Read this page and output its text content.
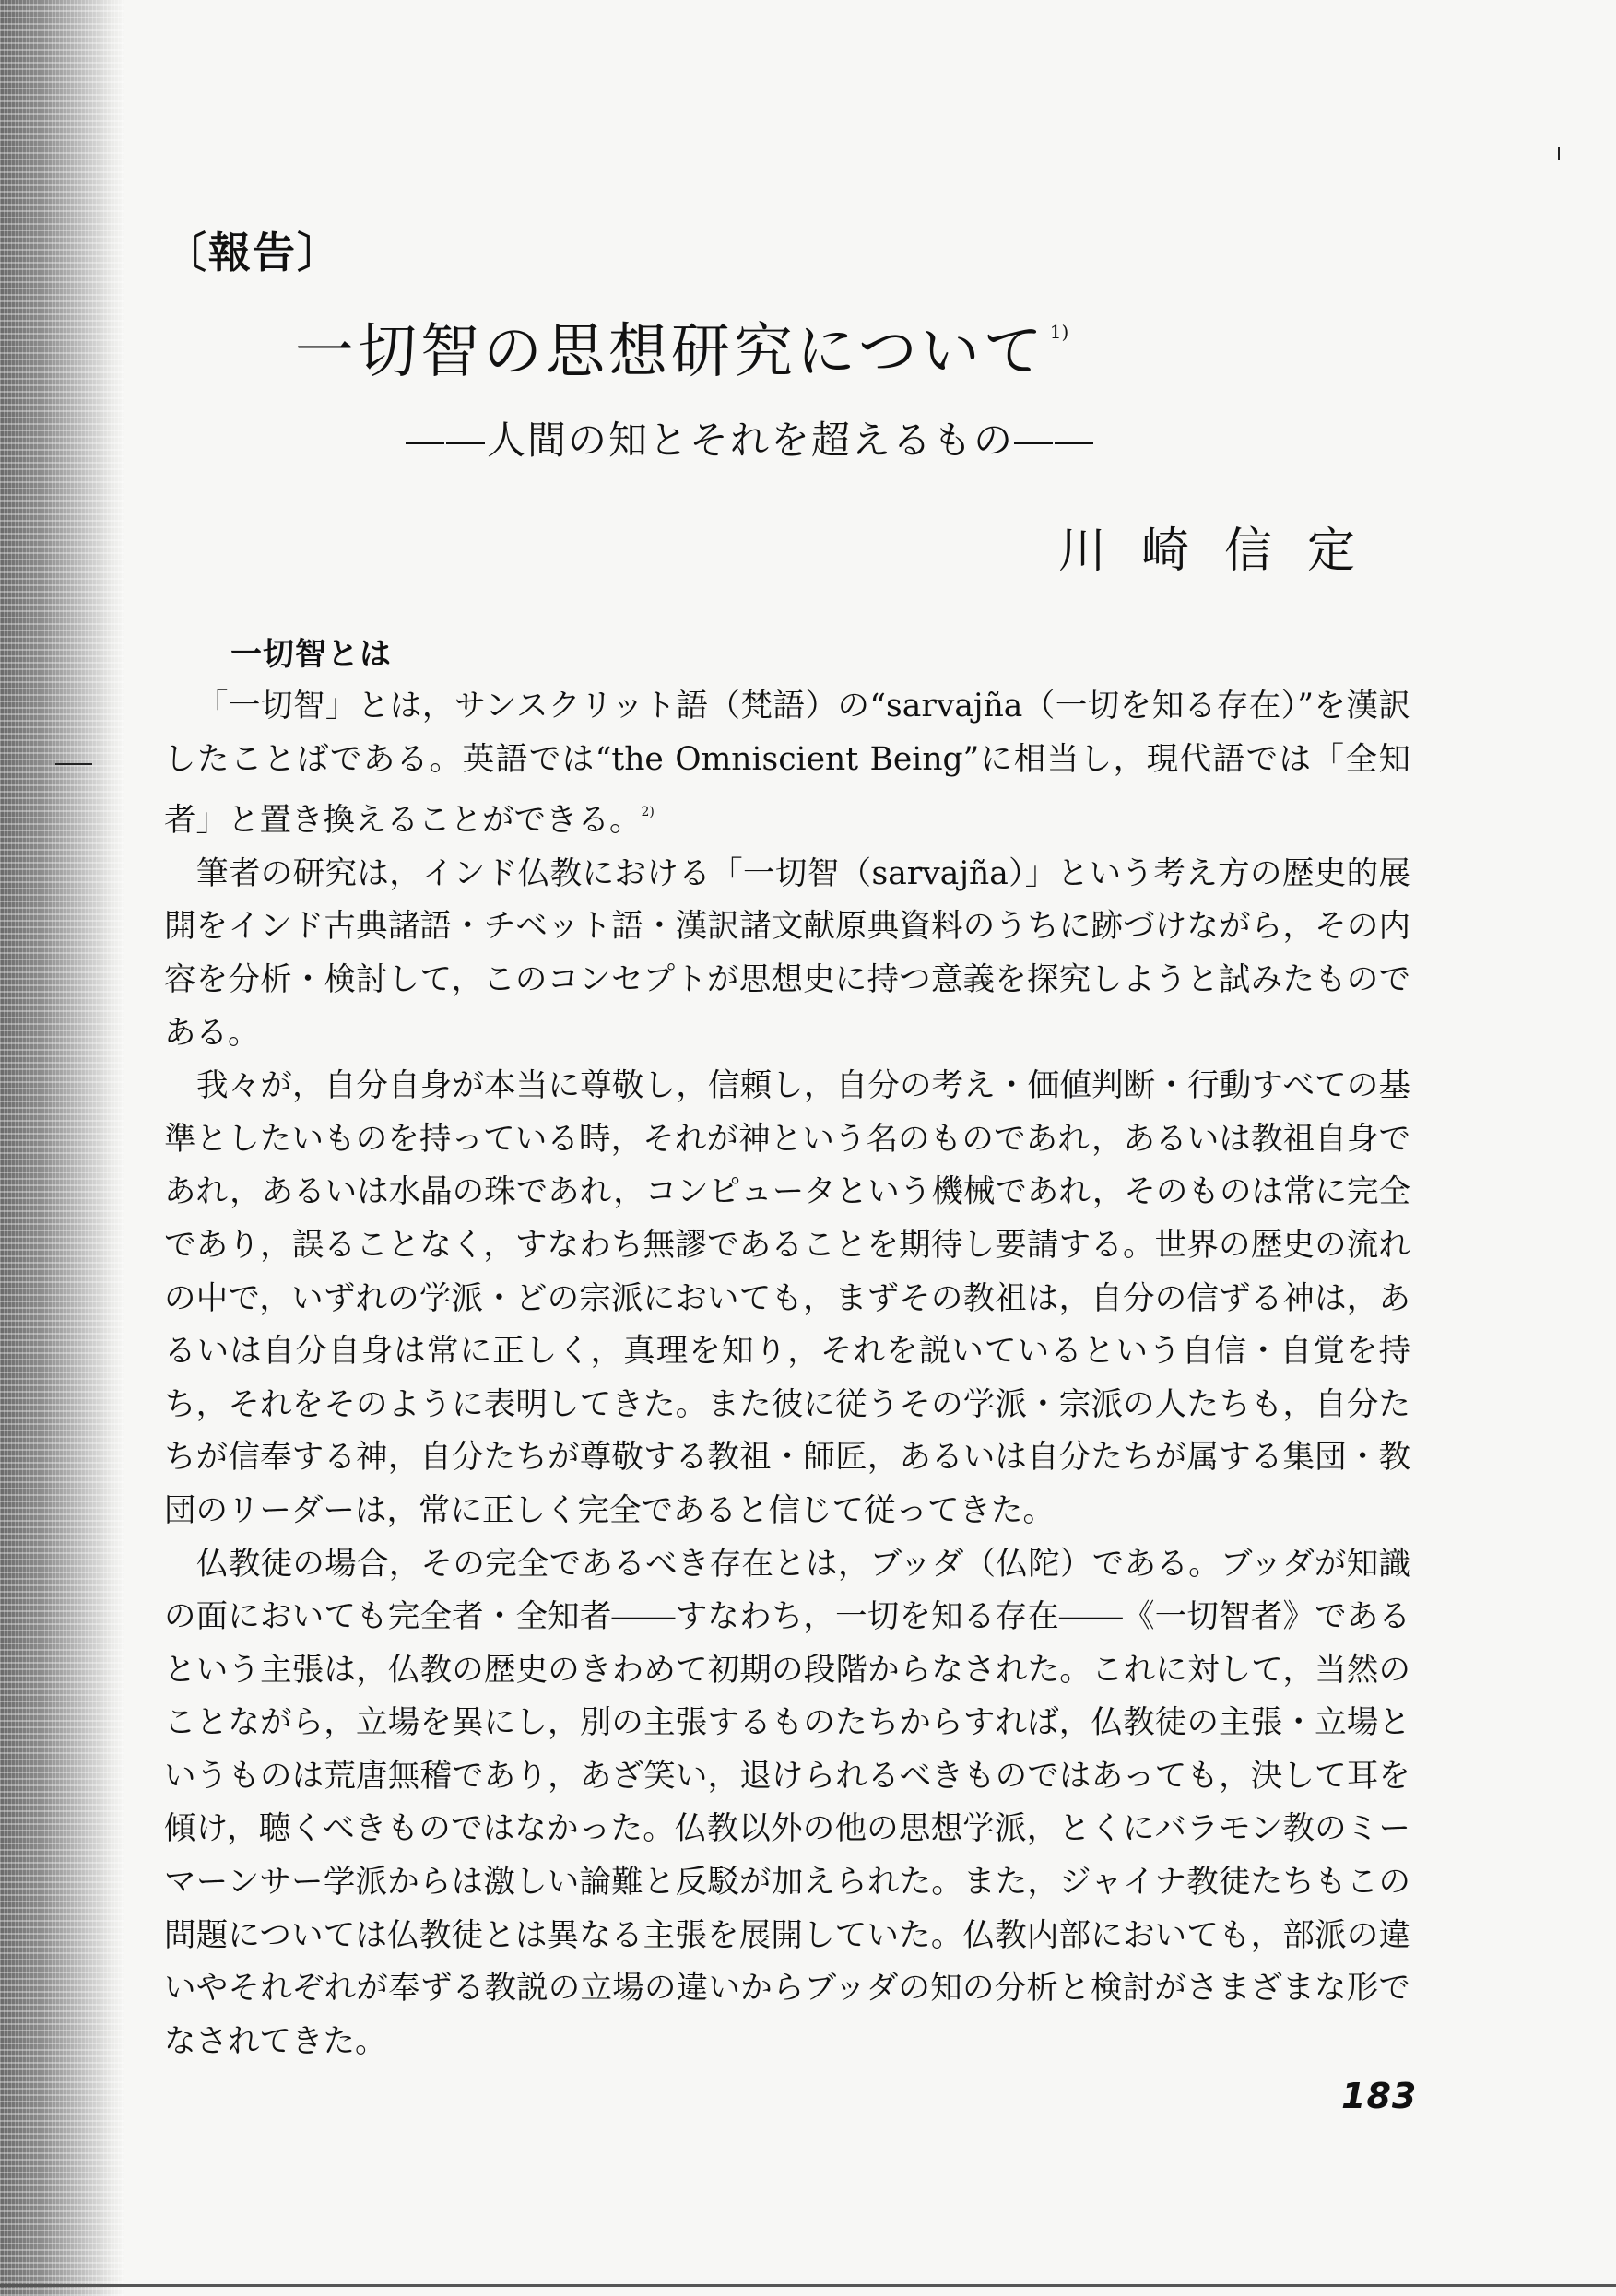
〔報告〕
一切智の思想研究について $^{1)}$
――人間の知とそれを超えるもの――
川崎信定
一切智とは

「一切智」とは，サンスクリット語（梵語）の“sarvajña（一切を知る存在）”を漢訳したことばである。英語では“the Omniscient Being”に相当し，現代語では「全知者」と置き換えることができる。$^{2)}$

筆者の研究は，インド仏教における「一切智（sarvajña）」という考え方の歴史的展開をインド古典諸語・チベット語・漢訳諸文献原典資料のうちに跡づけながら，その内容を分析・検討して，このコンセプトが思想史に持つ意義を探究しようと試みたものである。

我々が，自分自身が本当に尊敬し，信頼し，自分の考え・価値判断・行動すべての基準としたいものを持っている時，それが神という名のものであれ，あるいは教祖自身であれ，あるいは水晶の珠であれ，コンピュータという機械であれ，そのものは常に完全であり，誤ることなく，すなわち無謬であることを期待し要請する。世界の歴史の流れの中で，いずれの学派・どの宗派においても，まずその教祖は，自分の信ずる神は，あるいは自分自身は常に正しく，真理を知り，それを説いているという自信・自覚を持ち，それをそのように表明してきた。また彼に従うその学派・宗派の人たちも，自分たちが信奉する神，自分たちが尊敬する教祖・師匠，あるいは自分たちが属する集団・教団のリーダーは，常に正しく完全であると信じて従ってきた。

仏教徒の場合，その完全であるべき存在とは，ブッダ（仏陀）である。ブッダが知識の面においても完全者・全知者――すなわち，一切を知る存在――《一切智者》であるという主張は，仏教の歴史のきわめて初期の段階からなされた。これに対して，当然のことながら，立場を異にし，別の主張するものたちからすれば，仏教徒の主張・立場というものは荒唐無稽であり，あざ笑い，退けられるべきものではあっても，決して耳を傾け，聴くべきものではなかった。仏教以外の他の思想学派，とくにバラモン教のミーマーンサー学派からは激しい論難と反駁が加えられた。また，ジャイナ教徒たちもこの問題については仏教徒とは異なる主張を展開していた。仏教内部においても，部派の違いやそれぞれが奉ずる教説の立場の違いからブッダの知の分析と検討がさまざまな形でなされてきた。

183
